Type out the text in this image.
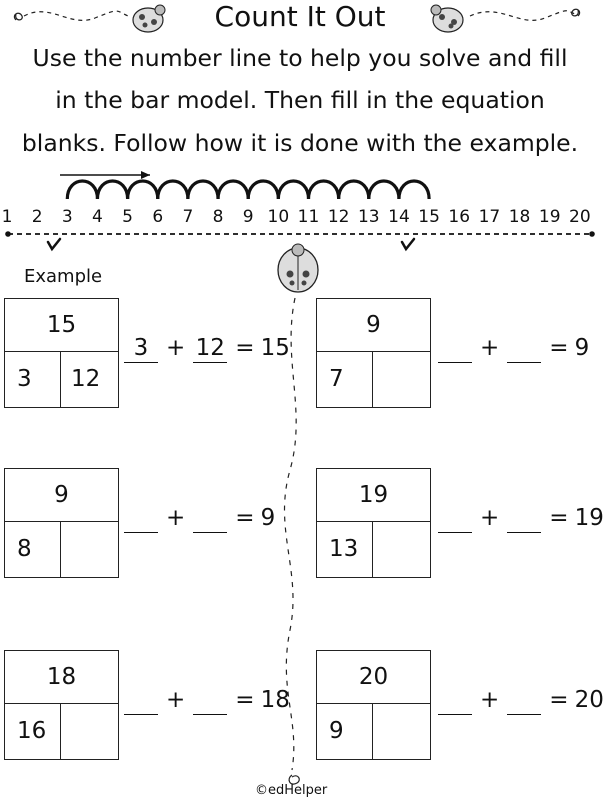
Count It Out
Use the number line to help you solve and fill
in the bar model. Then fill in the equation
blanks. Follow how it is done with the example.
1 2 3 4 5 6 7 8 9 10 11 12 13 14 15 16 17 18 19 20
Example
15
3	12
3 + 12 = 15
9
7
+ = 9
9
8
+ = 9
19
13
+ = 19
18
16
+ = 18
20
9
+ = 20
©edHelper
